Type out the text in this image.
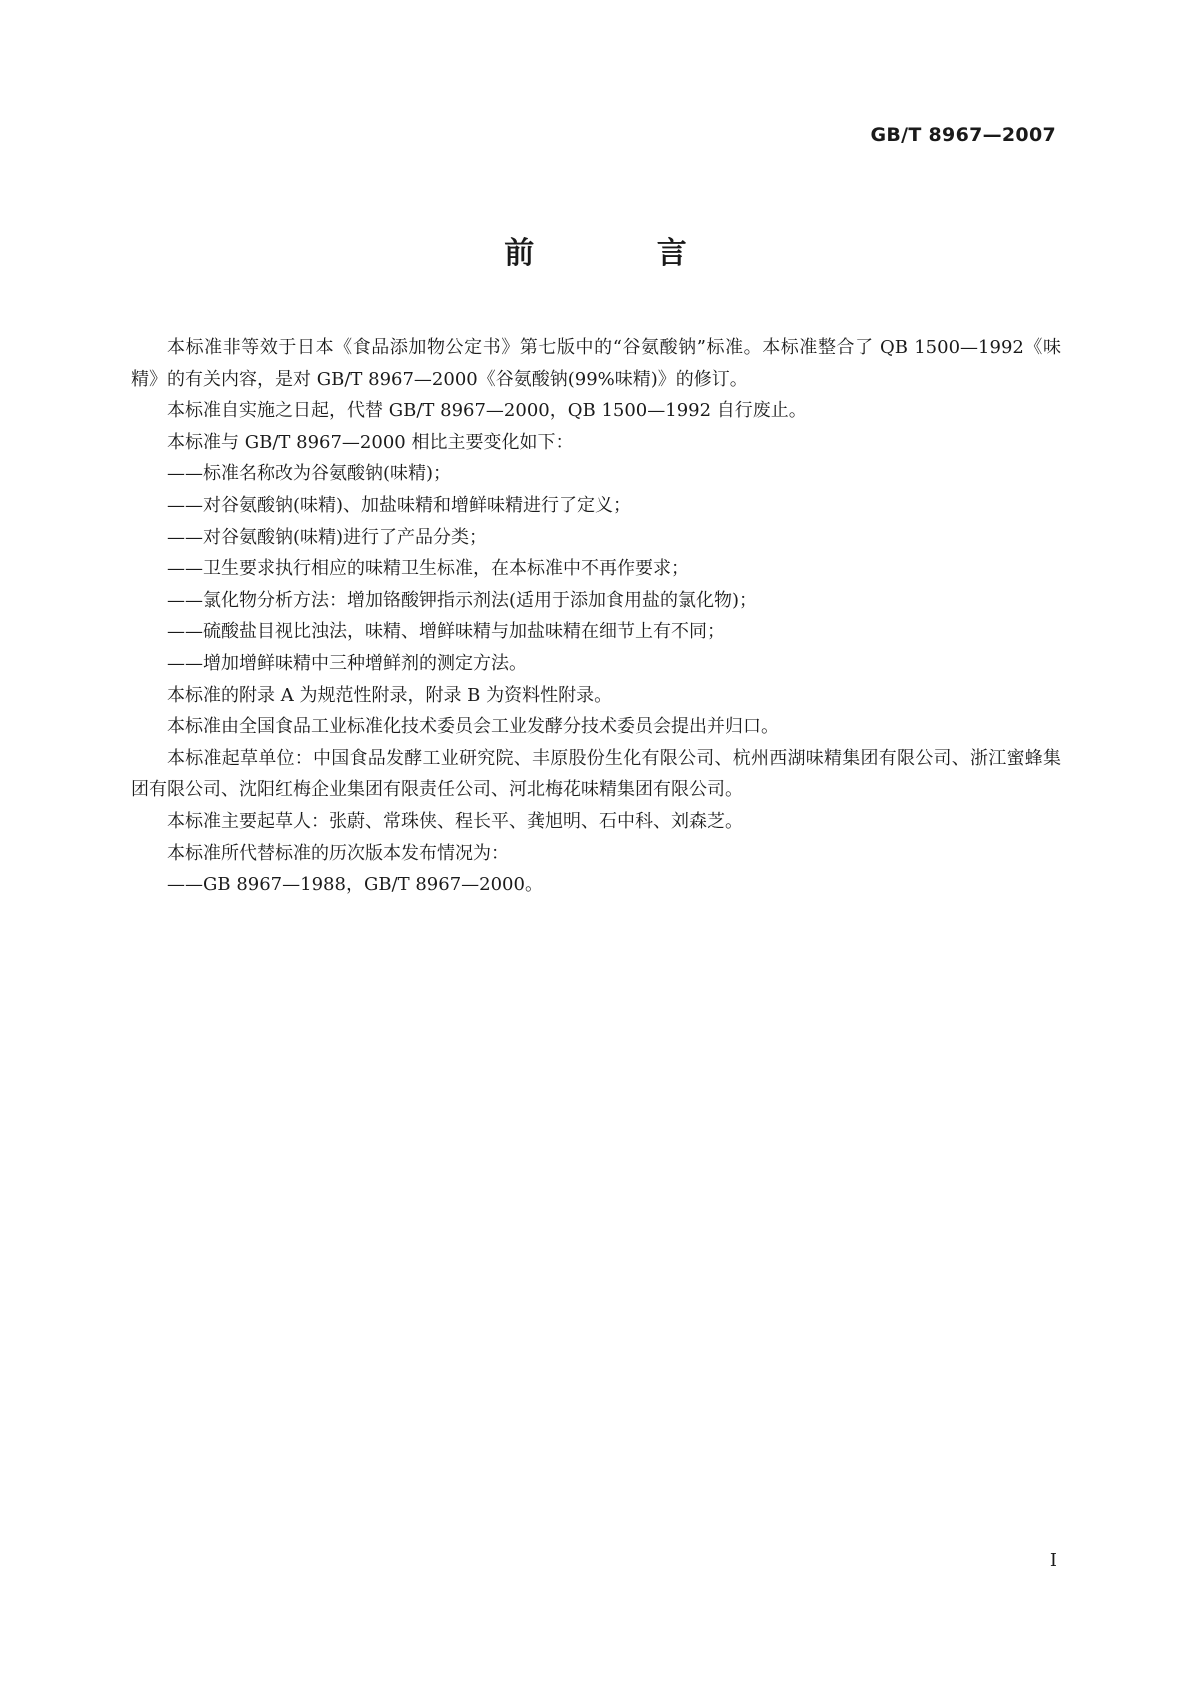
GB/T 8967—2007
前 言

本标准非等效于日本《食品添加物公定书》第七版中的“谷氨酸钠”标准。本标准整合了 QB 1500—1992《味精》的有关内容，是对 GB/T 8967—2000《谷氨酸钠(99%味精)》的修订。

本标准自实施之日起，代替 GB/T 8967—2000，QB 1500—1992 自行废止。

本标准与 GB/T 8967—2000 相比主要变化如下：

——标准名称改为谷氨酸钠(味精)；

——对谷氨酸钠(味精)、加盐味精和增鲜味精进行了定义；

——对谷氨酸钠(味精)进行了产品分类；

——卫生要求执行相应的味精卫生标准，在本标准中不再作要求；

——氯化物分析方法：增加铬酸钾指示剂法(适用于添加食用盐的氯化物)；

——硫酸盐目视比浊法，味精、增鲜味精与加盐味精在细节上有不同；

——增加增鲜味精中三种增鲜剂的测定方法。

本标准的附录 A 为规范性附录，附录 B 为资料性附录。

本标准由全国食品工业标准化技术委员会工业发酵分技术委员会提出并归口。

本标准起草单位：中国食品发酵工业研究院、丰原股份生化有限公司、杭州西湖味精集团有限公司、浙江蜜蜂集团有限公司、沈阳红梅企业集团有限责任公司、河北梅花味精集团有限公司。

本标准主要起草人：张蔚、常珠侠、程长平、龚旭明、石中科、刘森芝。

本标准所代替标准的历次版本发布情况为：

——GB 8967—1988，GB/T 8967—2000。

I
